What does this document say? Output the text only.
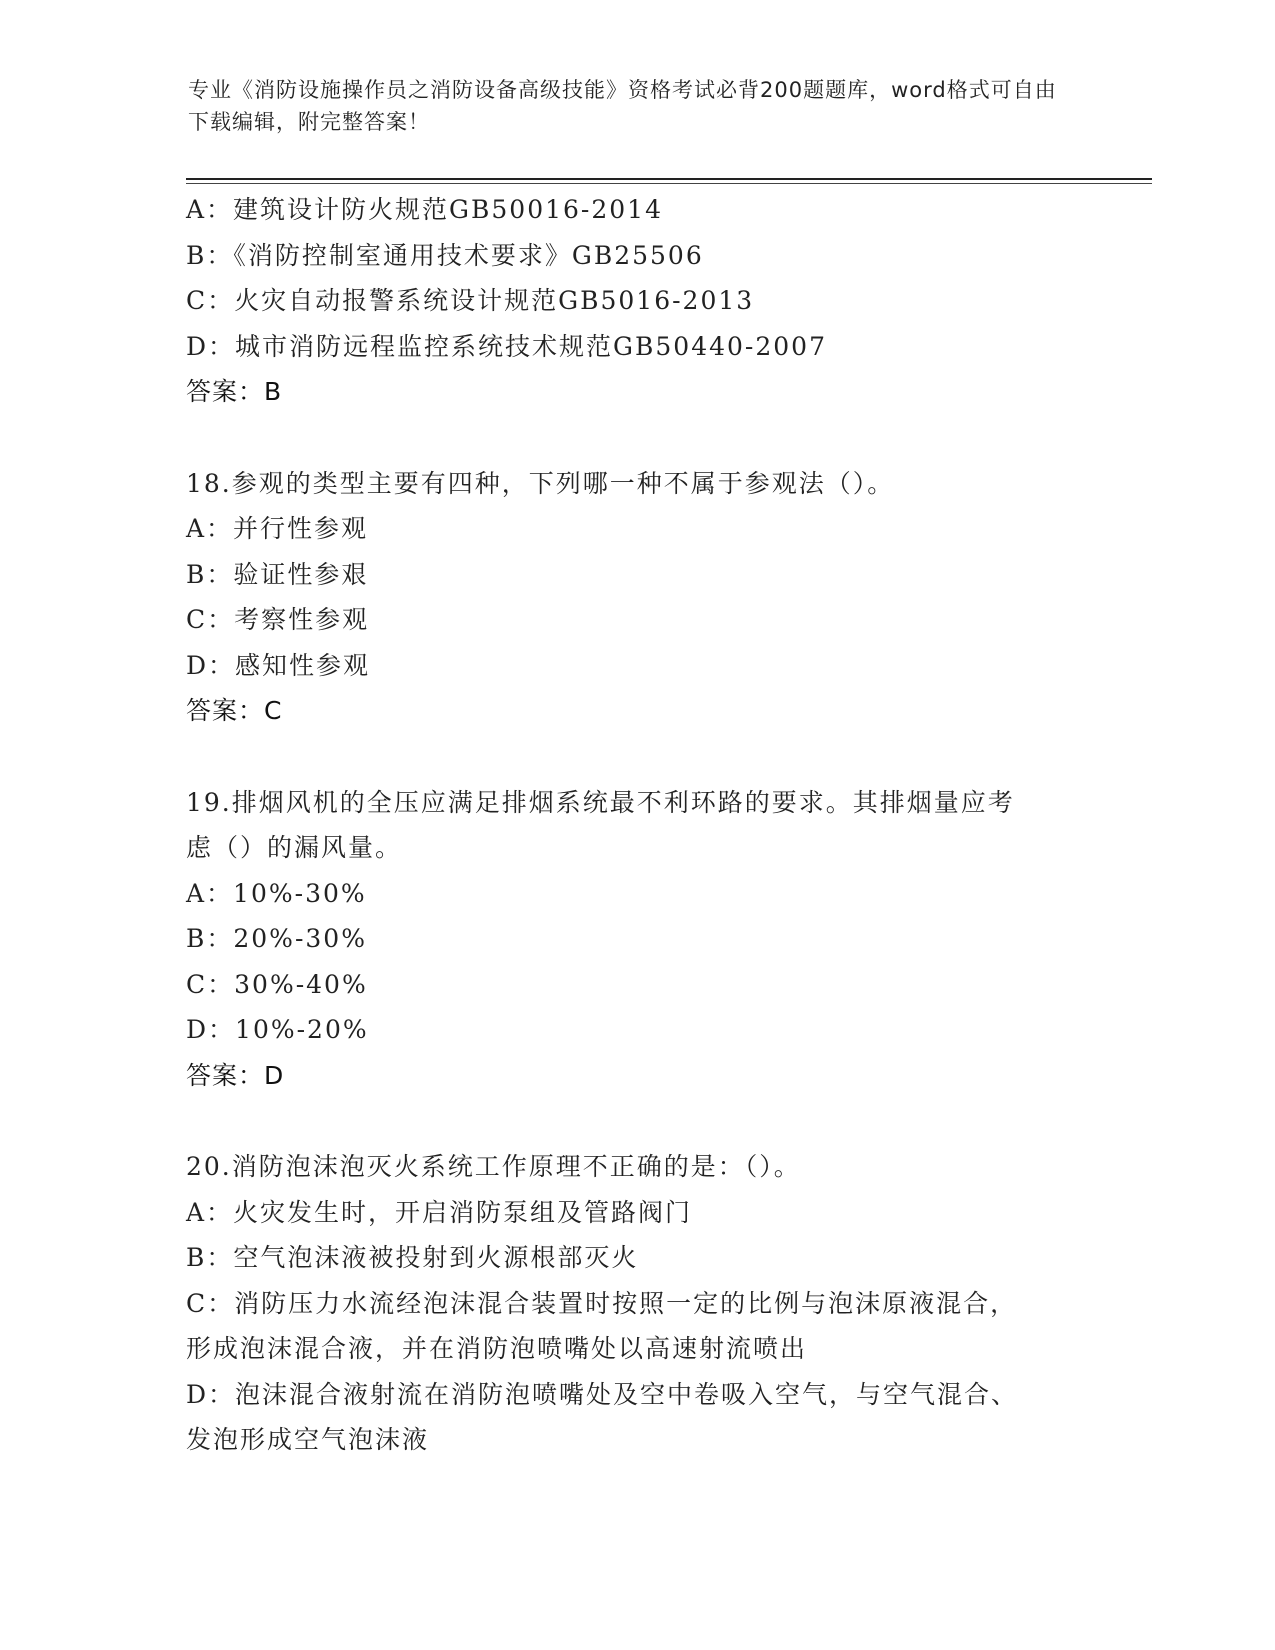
专业《消防设施操作员之消防设备高级技能》资格考试必背200题题库，word格式可自由下载编辑，附完整答案！
A：建筑设计防火规范GB50016-2014
B：《消防控制室通用技术要求》GB25506
C：火灾自动报警系统设计规范GB5016-2013
D：城市消防远程监控系统技术规范GB50440-2007
答案：B
18.参观的类型主要有四种，下列哪一种不属于参观法（）。
A：并行性参观
B：验证性参艰
C：考察性参观
D：感知性参观
答案：C
19.排烟风机的全压应满足排烟系统最不利环路的要求。其排烟量应考
虑（）的漏风量。
A：10%-30%
B：20%-30%
C：30%-40%
D：10%-20%
答案：D
20.消防泡沫泡灭火系统工作原理不正确的是：（）。
A：火灾发生时，开启消防泵组及管路阀门
B：空气泡沫液被投射到火源根部灭火
C：消防压力水流经泡沫混合装置时按照一定的比例与泡沫原液混合，
形成泡沫混合液，并在消防泡喷嘴处以高速射流喷出
D：泡沫混合液射流在消防泡喷嘴处及空中卷吸入空气，与空气混合、
发泡形成空气泡沫液
